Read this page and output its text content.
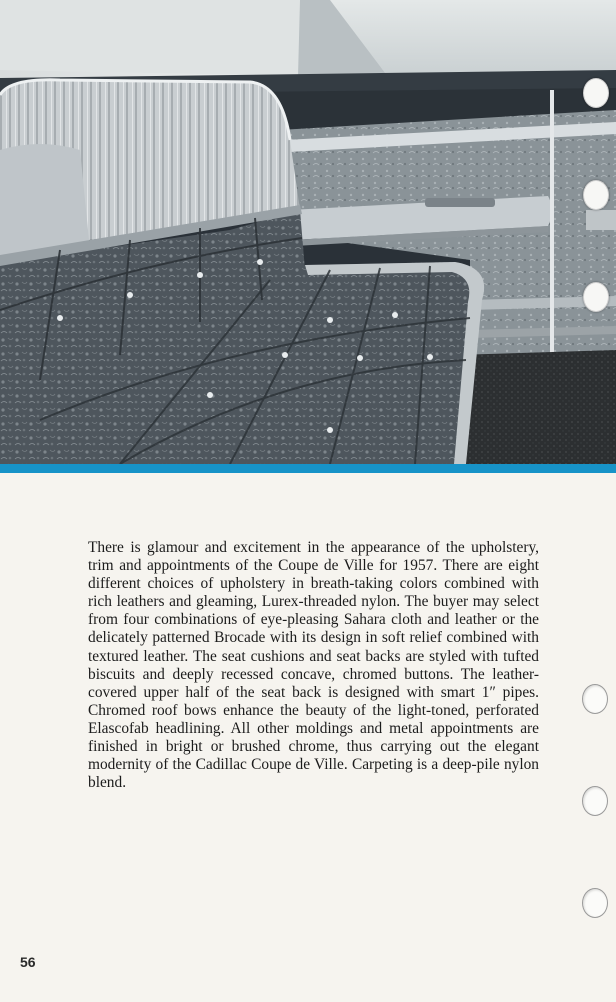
There is glamour and excitement in the appearance of the upholstery, trim and appointments of the Coupe de Ville for 1957. There are eight different choices of upholstery in breath-taking colors combined with rich leathers and gleaming, Lurex-threaded nylon. The buyer may select from four combinations of eye-pleasing Sahara cloth and leather or the delicately patterned Brocade with its design in soft relief combined with textured leather. The seat cushions and seat backs are styled with tufted biscuits and deeply recessed concave, chromed buttons. The leather-covered upper half of the seat back is designed with smart 1″ pipes. Chromed roof bows enhance the beauty of the light-toned, perforated Elascofab headlining. All other moldings and metal appointments are finished in bright or brushed chrome, thus carrying out the elegant modernity of the Cadillac Coupe de Ville. Carpeting is a deep-pile nylon blend.

56
